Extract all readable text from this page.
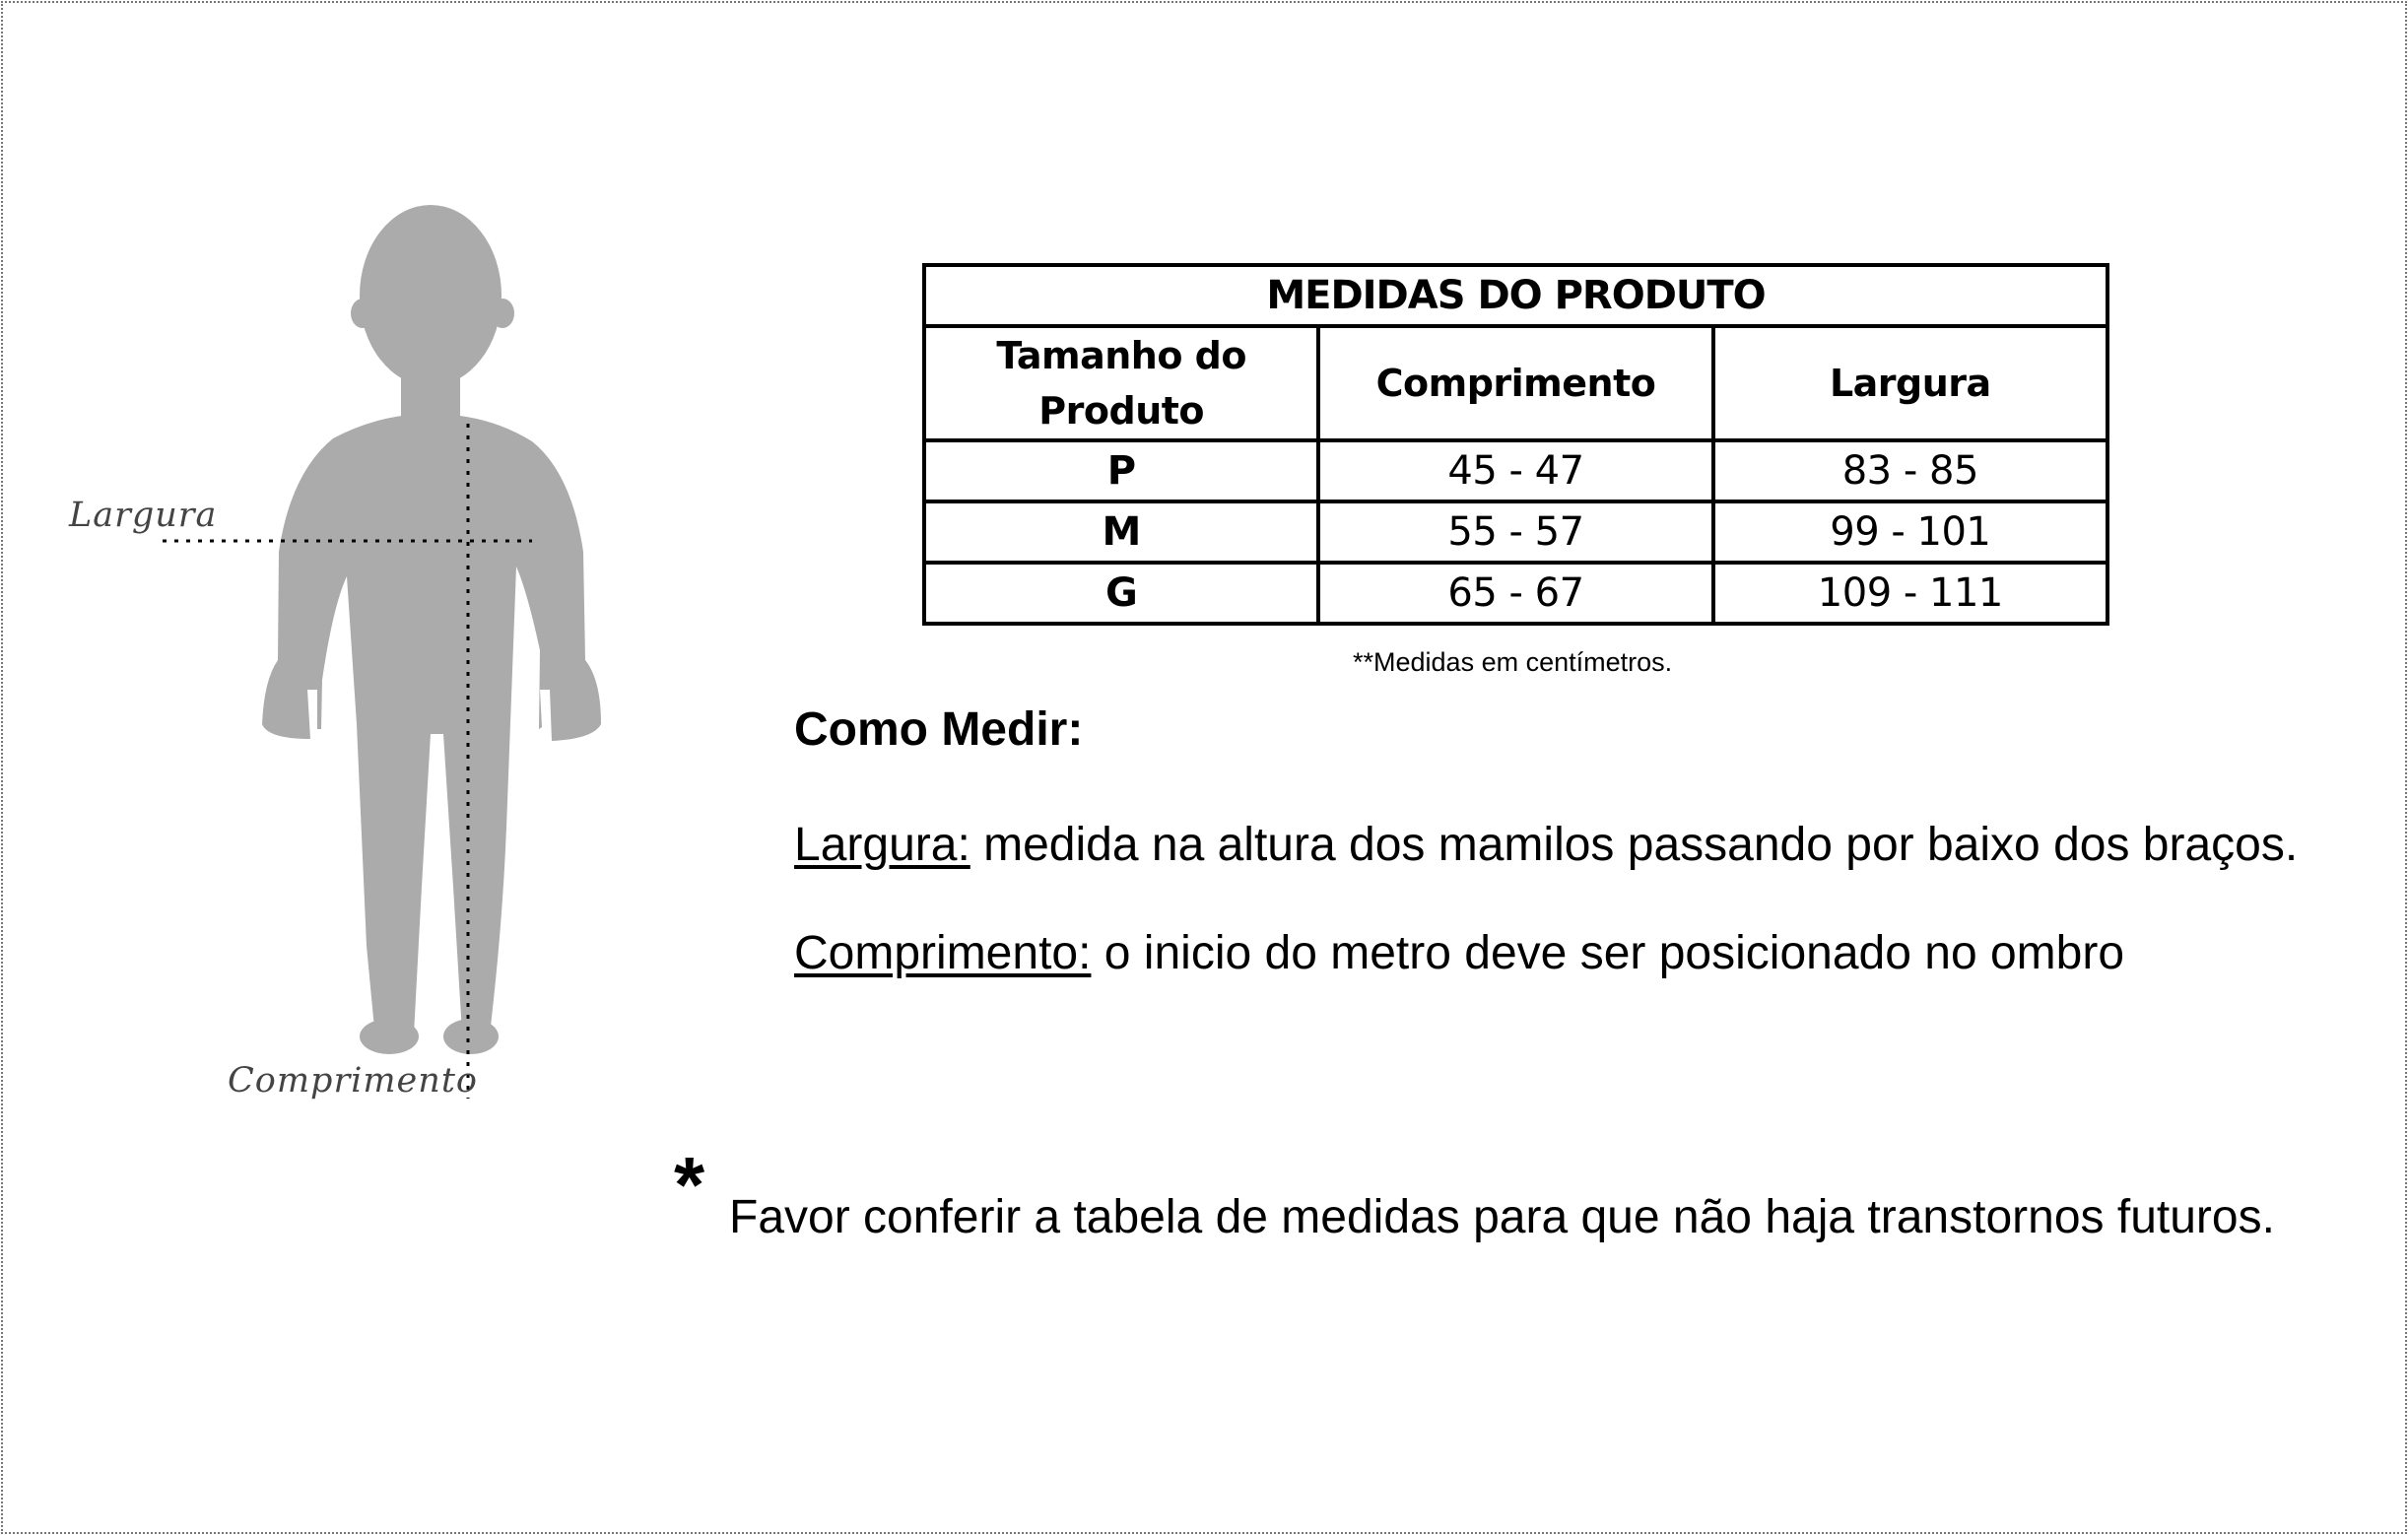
Largura
Comprimento
MEDIDAS DO PRODUTO		
Tamanho do
Produto	Comprimento	Largura
P	45 - 47	83 - 85
M	55 - 57	99 - 101
G	65 - 67	109 - 111
**Medidas em centímetros.
Como Medir:
Largura: medida na altura dos mamilos passando por baixo dos braços.
Comprimento: o inicio do metro deve ser posicionado no ombro
* Favor conferir a tabela de medidas para que não haja transtornos futuros.
